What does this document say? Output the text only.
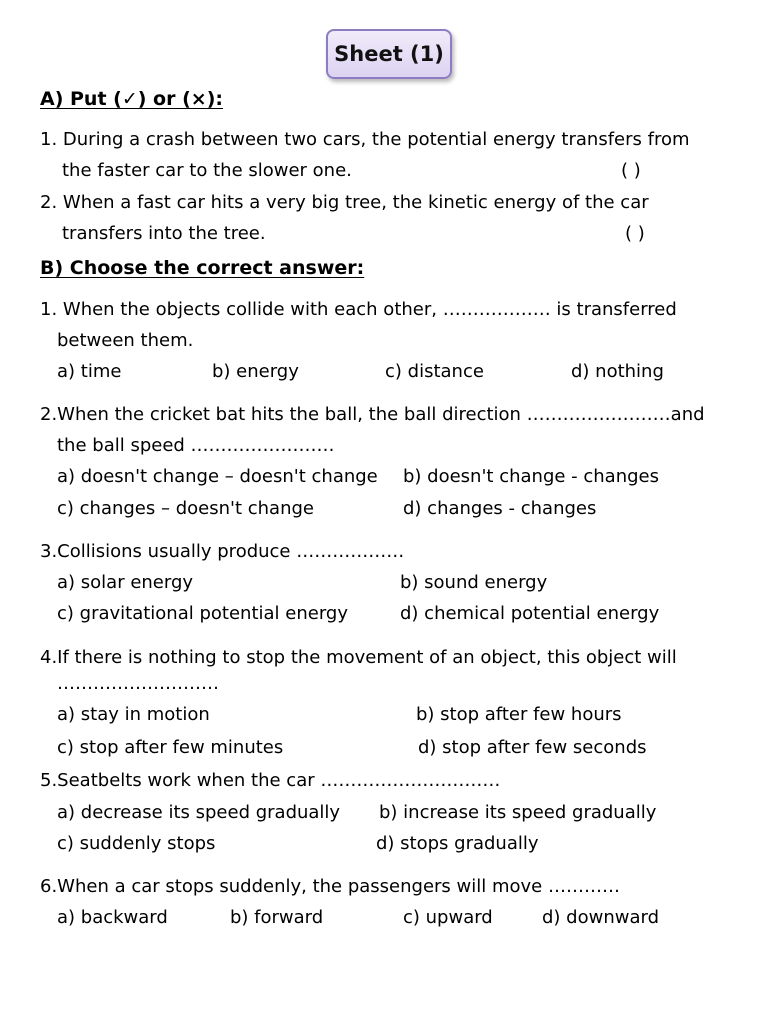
Sheet (1)
A) Put (✓) or (×):
1. During a crash between two cars, the potential energy transfers from
the faster car to the slower one.	( )
2. When a fast car hits a very big tree, the kinetic energy of the car
transfers into the tree.	( )
B) Choose the correct answer:
1. When the objects collide with each other, ……………… is transferred
between them.
a) time	b) energy	c) distance	d) nothing
2.When the cricket bat hits the ball, the ball direction ……………………and
the ball speed ……………………
a) doesn't change – doesn't change b) doesn't change - changes
c) changes – doesn't change	d) changes - changes
3.Collisions usually produce ………………
a) solar energy	b) sound energy
c) gravitational potential energy	d) chemical potential energy
4.If there is nothing to stop the movement of an object, this object will
………………………
a) stay in motion	b) stop after few hours
c) stop after few minutes	d) stop after few seconds
5.Seatbelts work when the car …………………………
a) decrease its speed gradually b) increase its speed gradually
c) suddenly stops	d) stops gradually
6.When a car stops suddenly, the passengers will move …………
a) backward	b) forward	c) upward	d) downward
